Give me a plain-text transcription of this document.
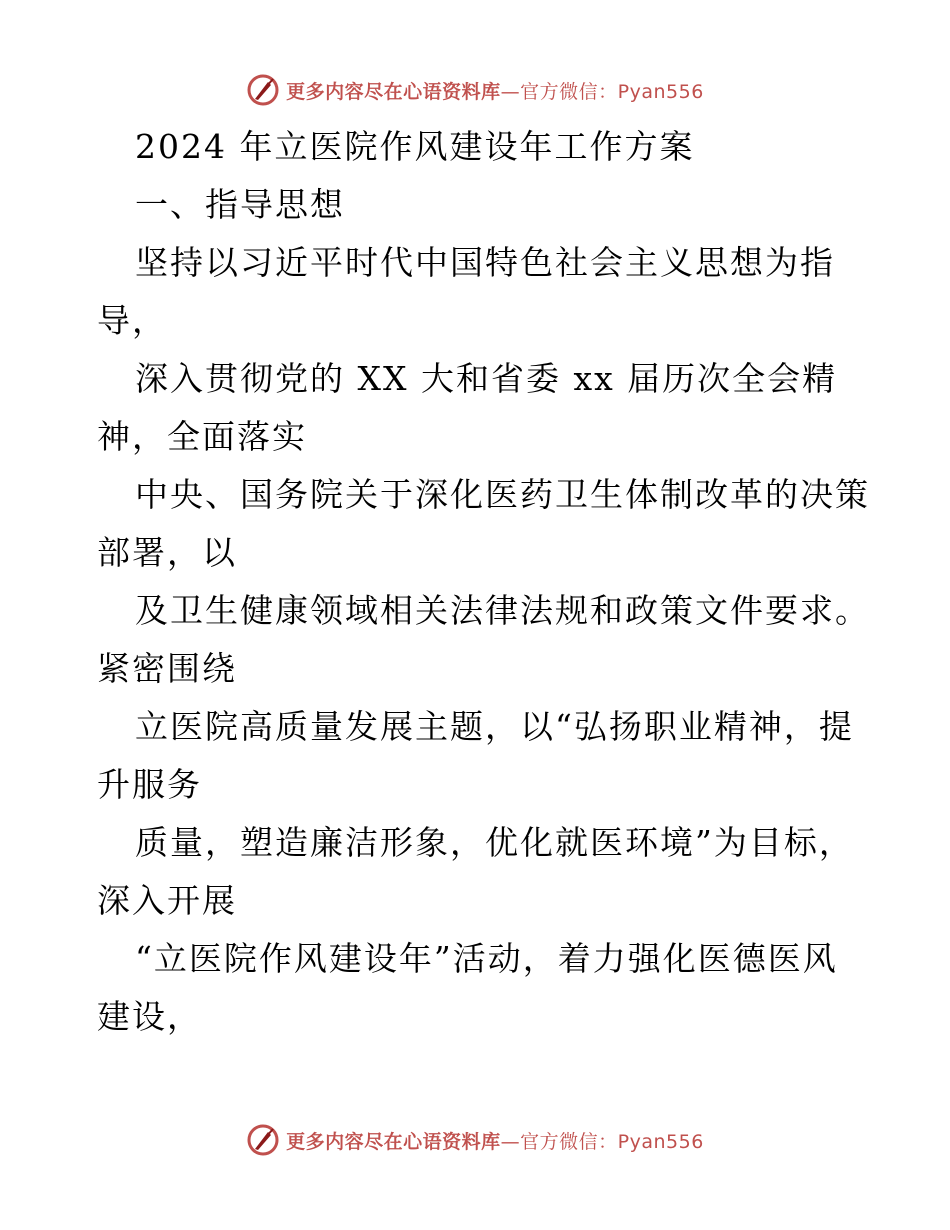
更多内容尽在心语资料库—官方微信：Pyan556
2024 年立医院作风建设年工作方案
一、指导思想
坚持以习近平时代中国特色社会主义思想为指
导，
深入贯彻党的 XX 大和省委 xx 届历次全会精
神，全面落实
中央、国务院关于深化医药卫生体制改革的决策
部署，以
及卫生健康领域相关法律法规和政策文件要求。
紧密围绕
立医院高质量发展主题，以“弘扬职业精神，提
升服务
质量，塑造廉洁形象，优化就医环境”为目标，
深入开展
“立医院作风建设年”活动，着力强化医德医风
建设，
更多内容尽在心语资料库—官方微信：Pyan556
